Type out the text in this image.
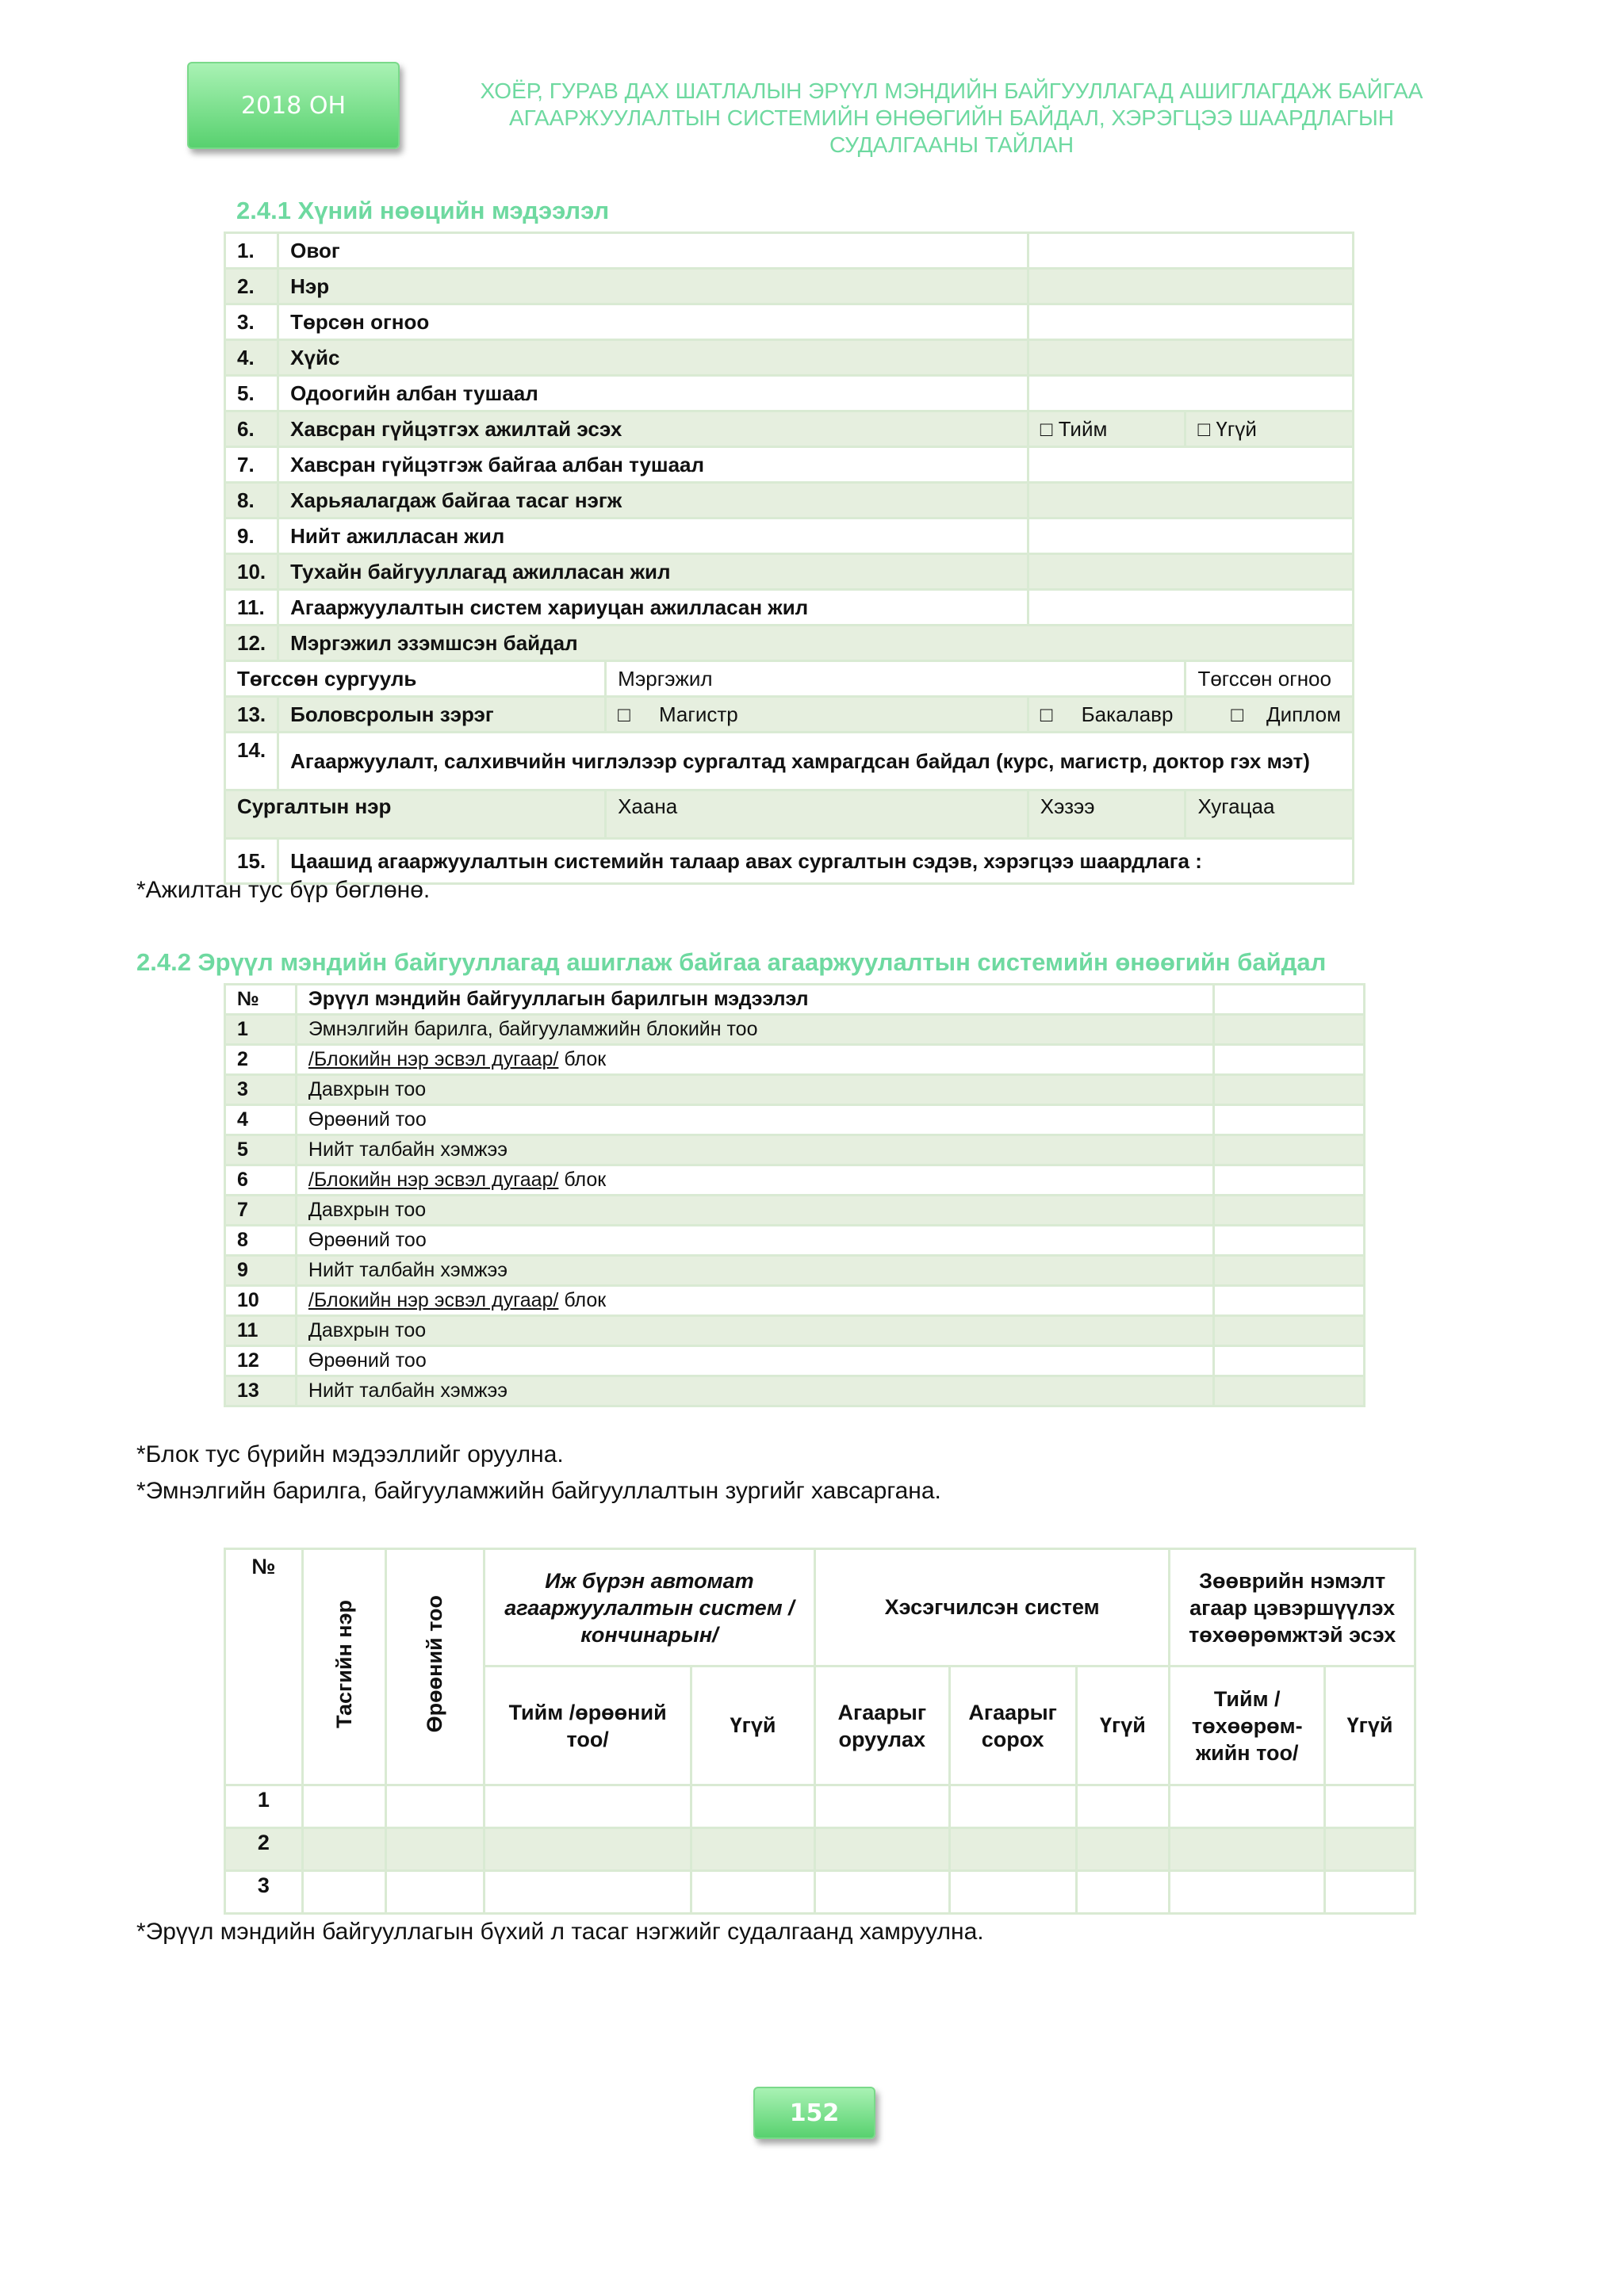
2018 ОН
ХОЁР, ГУРАВ ДАХ ШАТЛАЛЫН ЭРҮҮЛ МЭНДИЙН БАЙГУУЛЛАГАД АШИГЛАГДАЖ БАЙГАА
АГААРЖУУЛАЛТЫН СИСТЕМИЙН ӨНӨӨГИЙН БАЙДАЛ, ХЭРЭГЦЭЭ ШААРДЛАГЫН
СУДАЛГААНЫ ТАЙЛАН
2.4.1 Хүний нөөцийн мэдээлэл
1.	Овог			
2.	Нэр			
3.	Төрсөн огноо			
4.	Хүйс			
5.	Одоогийн албан тушаал			
6.	Хавсран гүйцэтгэх ажилтай эсэх		□ Тийм	□ Үгүй
7.	Хавсран гүйцэтгэж байгаа албан тушаал			
8.	Харьяалагдаж байгаа тасаг нэгж			
9.	Нийт ажилласан жил			
10.	Тухайн байгууллагад ажилласан жил			
11.	Агааржуулалтын систем хариуцан ажилласан жил			
12.	Мэргэжил эзэмшсэн байдал			
Төгссөн сургууль		Мэргэжил		Төгссөн огноо
13.	Боловсролын зэрэг	□ Магистр	□ Бакалавр	□ Диплом
14.	Агааржуулалт, салхивчийн чиглэлээр сургалтад хамрагдсан байдал (курс, магистр, доктор гэх мэт)			
Сургалтын нэр		Хаана	Хэзээ	Хугацаа
15.	Цаашид агааржуулалтын системийн талаар авах сургалтын сэдэв, хэрэгцээ шаардлага :			
*Ажилтан тус бүр бөглөнө.
2.4.2 Эрүүл мэндийн байгууллагад ашиглаж байгаа агааржуулалтын системийн өнөөгийн байдал
№	Эрүүл мэндийн байгууллагын барилгын мэдээлэл	
1	Эмнэлгийн барилга, байгууламжийн блокийн тоо	
2	/Блокийн нэр эсвэл дугаар/ блок	
3	Давхрын тоо	
4	Өрөөний тоо	
5	Нийт талбайн хэмжээ	
6	/Блокийн нэр эсвэл дугаар/ блок	
7	Давхрын тоо	
8	Өрөөний тоо	
9	Нийт талбайн хэмжээ	
10	/Блокийн нэр эсвэл дугаар/ блок	
11	Давхрын тоо	
12	Өрөөний тоо	
13	Нийт талбайн хэмжээ	
*Блок тус бүрийн мэдээллийг оруулна.
*Эмнэлгийн барилга, байгууламжийн байгууллалтын зургийг хавсаргана.
№	Тасгийн нэр	Өрөөний тоо	Иж бүрэн автомат агааржуулалтын систем /кончинарын/		Хэсэгчилсэн систем			Зөөврийн нэмэлт агаар цэвэршүүлэх төхөөрөмжтэй эсэх	
			Тийм /өрөөний тоо/	Үгүй	Агаарыг оруулах	Агаарыг сорох	Үгүй	Тийм /төхөөрөм-жийн тоо/	Үгүй
1									
2									
3									
*Эрүүл мэндийн байгууллагын бүхий л тасаг нэгжийг судалгаанд хамруулна.
152
